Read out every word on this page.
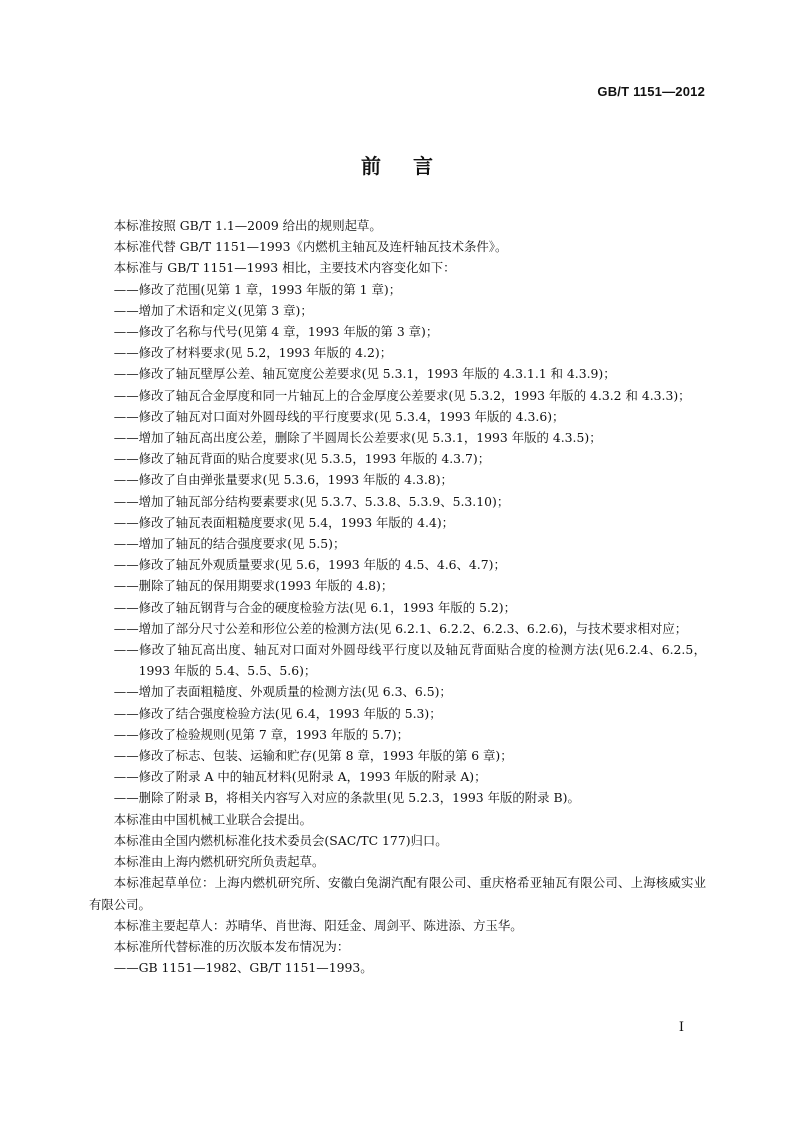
GB/T 1151—2012
前言

本标准按照 GB/T 1.1—2009 给出的规则起草。

本标准代替 GB/T 1151—1993《内燃机主轴瓦及连杆轴瓦技术条件》。

本标准与 GB/T 1151—1993 相比，主要技术内容变化如下：

——修改了范围(见第 1 章，1993 年版的第 1 章)；
——增加了术语和定义(见第 3 章)；
——修改了名称与代号(见第 4 章，1993 年版的第 3 章)；
——修改了材料要求(见 5.2，1993 年版的 4.2)；
——修改了轴瓦壁厚公差、轴瓦宽度公差要求(见 5.3.1，1993 年版的 4.3.1.1 和 4.3.9)；
——修改了轴瓦合金厚度和同一片轴瓦上的合金厚度公差要求(见 5.3.2，1993 年版的 4.3.2 和 4.3.3)；
——修改了轴瓦对口面对外圆母线的平行度要求(见 5.3.4，1993 年版的 4.3.6)；
——增加了轴瓦高出度公差，删除了半圆周长公差要求(见 5.3.1，1993 年版的 4.3.5)；
——修改了轴瓦背面的贴合度要求(见 5.3.5，1993 年版的 4.3.7)；
——修改了自由弹张量要求(见 5.3.6，1993 年版的 4.3.8)；
——增加了轴瓦部分结构要素要求(见 5.3.7、5.3.8、5.3.9、5.3.10)；
——修改了轴瓦表面粗糙度要求(见 5.4，1993 年版的 4.4)；
——增加了轴瓦的结合强度要求(见 5.5)；
——修改了轴瓦外观质量要求(见 5.6，1993 年版的 4.5、4.6、4.7)；
——删除了轴瓦的保用期要求(1993 年版的 4.8)；
——修改了轴瓦钢背与合金的硬度检验方法(见 6.1，1993 年版的 5.2)；
——增加了部分尺寸公差和形位公差的检测方法(见 6.2.1、6.2.2、6.2.3、6.2.6)，与技术要求相对应；
——修改了轴瓦高出度、轴瓦对口面对外圆母线平行度以及轴瓦背面贴合度的检测方法(见6.2.4、6.2.5，1993 年版的 5.4、5.5、5.6)；
——增加了表面粗糙度、外观质量的检测方法(见 6.3、6.5)；
——修改了结合强度检验方法(见 6.4，1993 年版的 5.3)；
——修改了检验规则(见第 7 章，1993 年版的 5.7)；
——修改了标志、包装、运输和贮存(见第 8 章，1993 年版的第 6 章)；
——修改了附录 A 中的轴瓦材料(见附录 A，1993 年版的附录 A)；
——删除了附录 B，将相关内容写入对应的条款里(见 5.2.3，1993 年版的附录 B)。

本标准由中国机械工业联合会提出。

本标准由全国内燃机标准化技术委员会(SAC/TC 177)归口。

本标准由上海内燃机研究所负责起草。

本标准起草单位：上海内燃机研究所、安徽白兔湖汽配有限公司、重庆格希亚轴瓦有限公司、上海核威实业有限公司。

本标准主要起草人：苏晴华、肖世海、阳廷金、周剑平、陈进添、方玉华。

本标准所代替标准的历次版本发布情况为：

——GB 1151—1982、GB/T 1151—1993。
I
